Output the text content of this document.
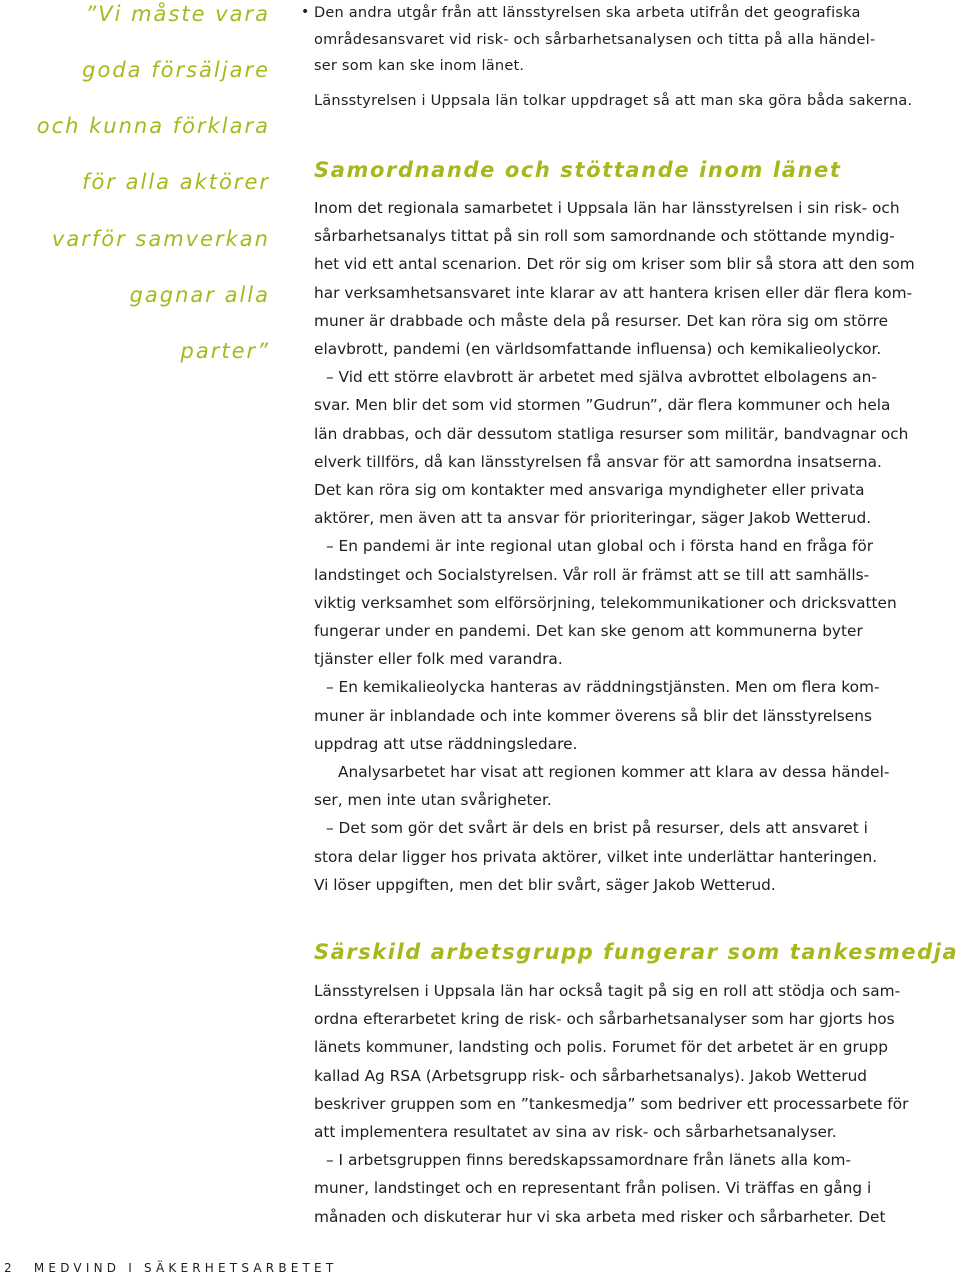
”Vi måste vara
goda försäljare
och kunna förklara
för alla aktörer
varför samverkan
gagnar alla
parter”
• Den andra utgår från att länsstyrelsen ska arbeta utifrån det geografiska
områdesansvaret vid risk- och sårbarhetsanalysen och titta på alla händel-
ser som kan ske inom länet.
Länsstyrelsen i Uppsala län tolkar uppdraget så att man ska göra båda sakerna.
Samordnande och stöttande inom länet
Inom det regionala samarbetet i Uppsala län har länsstyrelsen i sin risk- och
sårbarhetsanalys tittat på sin roll som samordnande och stöttande myndig-
het vid ett antal scenarion. Det rör sig om kriser som blir så stora att den som
har verksamhetsansvaret inte klarar av att hantera krisen eller där flera kom-
muner är drabbade och måste dela på resurser. Det kan röra sig om större
elavbrott, pandemi (en världsomfattande influensa) och kemikalieolyckor.
– Vid ett större elavbrott är arbetet med själva avbrottet elbolagens an-
svar. Men blir det som vid stormen ”Gudrun”, där flera kommuner och hela
län drabbas, och där dessutom statliga resurser som militär, bandvagnar och
elverk tillförs, då kan länsstyrelsen få ansvar för att samordna insatserna.
Det kan röra sig om kontakter med ansvariga myndigheter eller privata
aktörer, men även att ta ansvar för prioriteringar, säger Jakob Wetterud.
– En pandemi är inte regional utan global och i första hand en fråga för
landstinget och Socialstyrelsen. Vår roll är främst att se till att samhälls-
viktig verksamhet som elförsörjning, telekommunikationer och dricksvatten
fungerar under en pandemi. Det kan ske genom att kommunerna byter
tjänster eller folk med varandra.
– En kemikalieolycka hanteras av räddningstjänsten. Men om flera kom-
muner är inblandade och inte kommer överens så blir det länsstyrelsens
uppdrag att utse räddningsledare.
Analysarbetet har visat att regionen kommer att klara av dessa händel-
ser, men inte utan svårigheter.
– Det som gör det svårt är dels en brist på resurser, dels att ansvaret i
stora delar ligger hos privata aktörer, vilket inte underlättar hanteringen.
Vi löser uppgiften, men det blir svårt, säger Jakob Wetterud.
Särskild arbetsgrupp fungerar som tankesmedja
Länsstyrelsen i Uppsala län har också tagit på sig en roll att stödja och sam-
ordna efterarbetet kring de risk- och sårbarhetsanalyser som har gjorts hos
länets kommuner, landsting och polis. Forumet för det arbetet är en grupp
kallad Ag RSA (Arbetsgrupp risk- och sårbarhetsanalys). Jakob Wetterud
beskriver gruppen som en ”tankesmedja” som bedriver ett processarbete för
att implementera resultatet av sina av risk- och sårbarhetsanalyser.
– I arbetsgruppen finns beredskapssamordnare från länets alla kom-
muner, landstinget och en representant från polisen. Vi träffas en gång i
månaden och diskuterar hur vi ska arbeta med risker och sårbarheter. Det
2 MEDVIND I SÄKERHETSARBETET
